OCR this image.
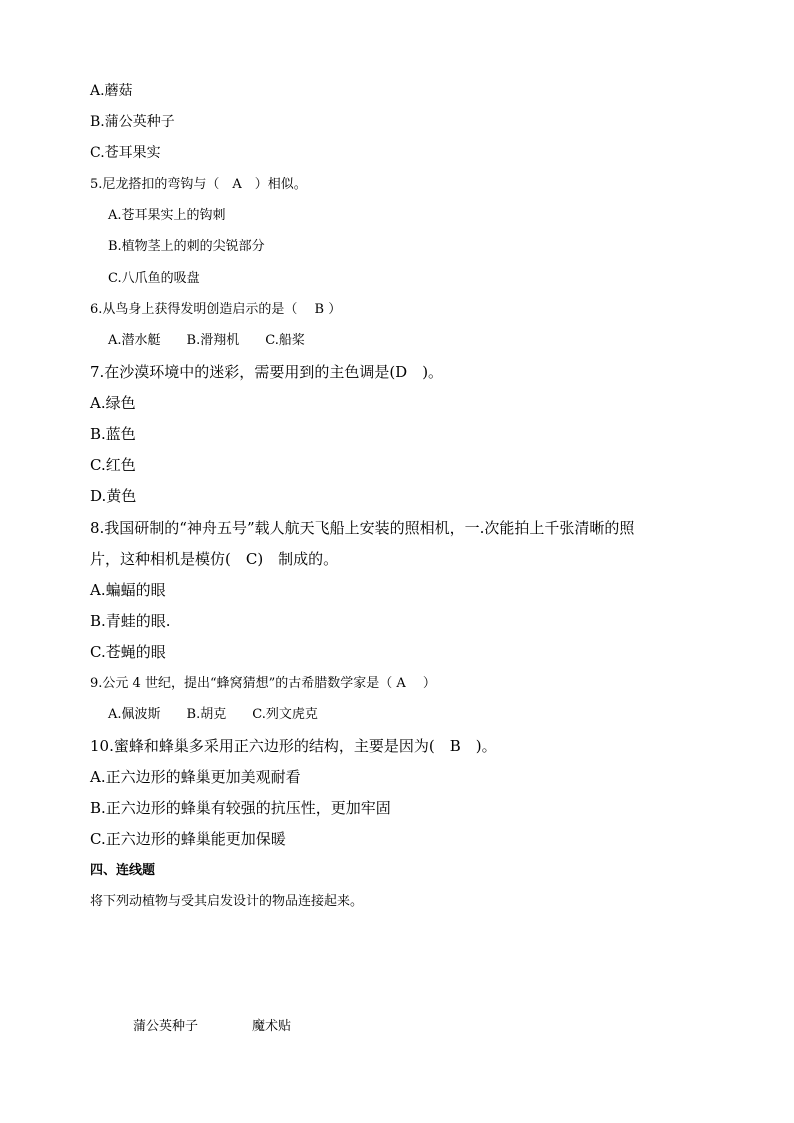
A.蘑菇
B.蒲公英种子
C.苍耳果实
5.尼龙搭扣的弯钩与（　A　）相似。
A.苍耳果实上的钩刺
B.植物茎上的刺的尖锐部分
C.八爪鱼的吸盘
6.从鸟身上获得发明创造启示的是（　 B ）
A.潜水艇　　B.滑翔机　　C.船桨
7.在沙漠环境中的迷彩，需要用到的主色调是(D　)。
A.绿色
B.蓝色
C.红色
D.黄色
8.我国研制的“神舟五号”载人航天飞船上安装的照相机，一.次能拍上千张清晰的照
片，这种相机是模仿(　C)　制成的。
A.蝙蝠的眼
B.青蛙的眼.
C.苍蝇的眼
9.公元 4 世纪，提出“蜂窝猜想”的古希腊数学家是（ A　 ）
A.佩波斯　　B.胡克　　C.列文虎克
10.蜜蜂和蜂巢多采用正六边形的结构，主要是因为(　B　)。
A.正六边形的蜂巢更加美观耐看
B.正六边形的蜂巢有较强的抗压性，更加牢固
C.正六边形的蜂巢能更加保暖
四、连线题
将下列动植物与受其启发设计的物品连接起来。
蒲公英种子	魔术贴
